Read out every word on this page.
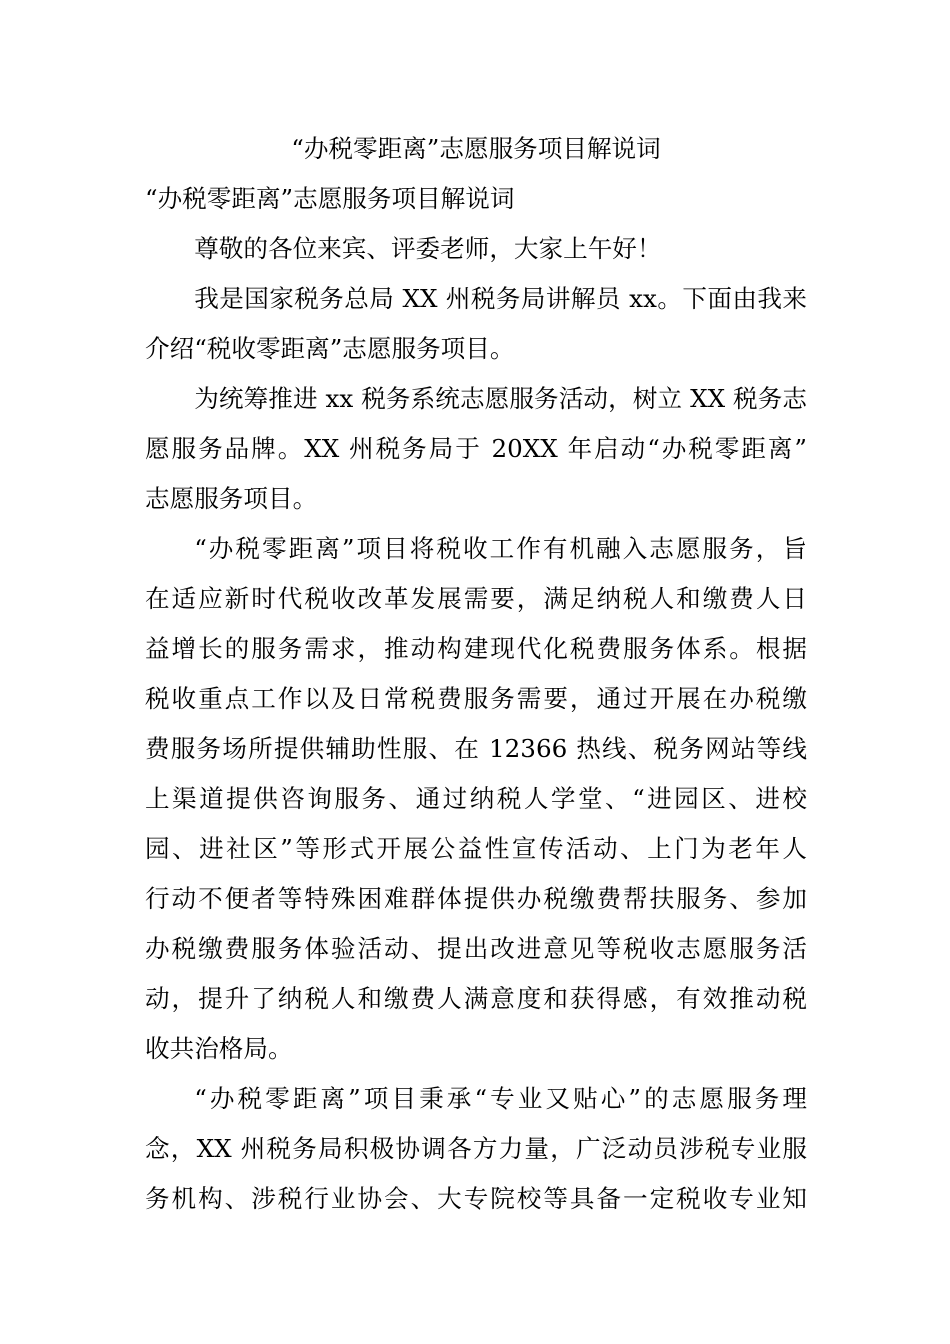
“办税零距离”志愿服务项目解说词
“办税零距离”志愿服务项目解说词

尊敬的各位来宾、评委老师，大家上午好！

我是国家税务总局 XX 州税务局讲解员 xx。下面由我来
介绍“税收零距离”志愿服务项目。

为统筹推进 xx 税务系统志愿服务活动，树立 XX 税务志
愿服务品牌。XX 州税务局于 20XX 年启动“办税零距离”
志愿服务项目。

“办税零距离”项目将税收工作有机融入志愿服务，旨
在适应新时代税收改革发展需要，满足纳税人和缴费人日
益增长的服务需求，推动构建现代化税费服务体系。根据
税收重点工作以及日常税费服务需要，通过开展在办税缴
费服务场所提供辅助性服、在 12366 热线、税务网站等线
上渠道提供咨询服务、通过纳税人学堂、“进园区、进校
园、进社区”等形式开展公益性宣传活动、上门为老年人
行动不便者等特殊困难群体提供办税缴费帮扶服务、参加
办税缴费服务体验活动、提出改进意见等税收志愿服务活
动，提升了纳税人和缴费人满意度和获得感，有效推动税
收共治格局。

“办税零距离”项目秉承“专业又贴心”的志愿服务理
念，XX 州税务局积极协调各方力量，广泛动员涉税专业服
务机构、涉税行业协会、大专院校等具备一定税收专业知
